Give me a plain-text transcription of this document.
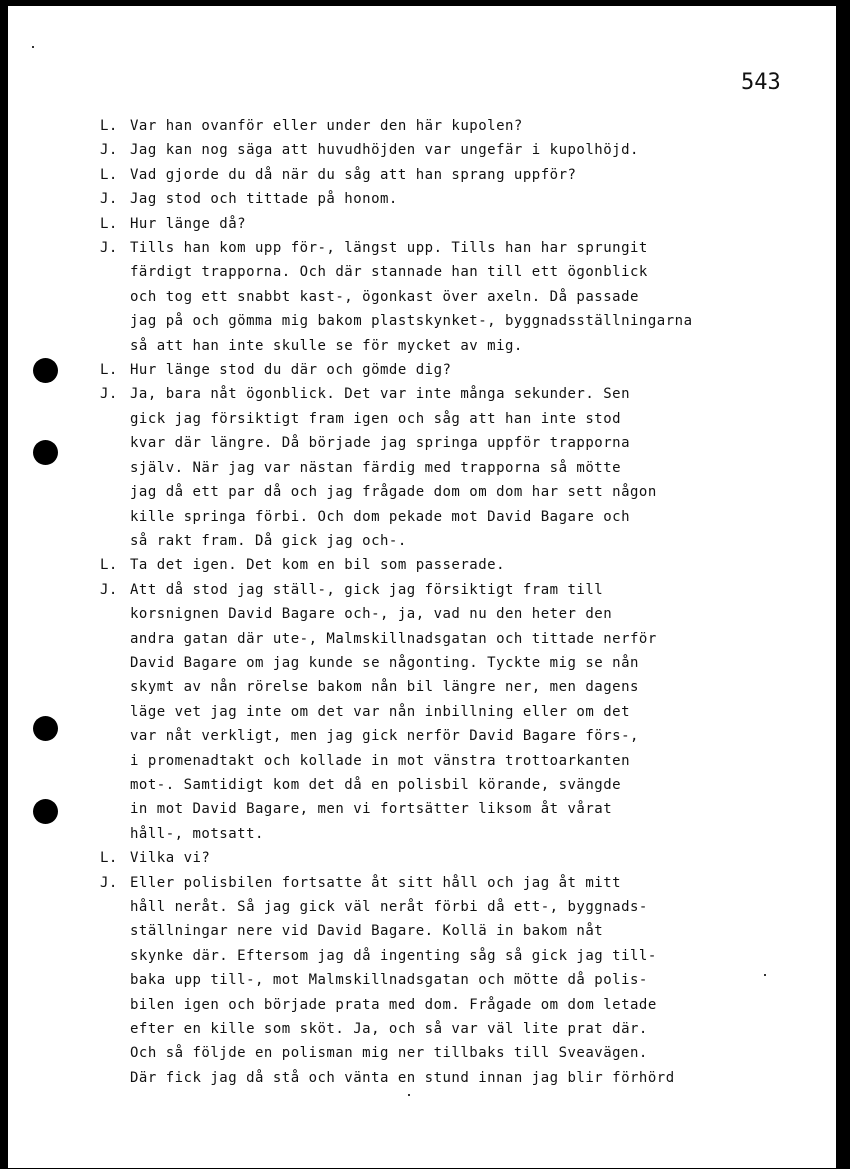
543
L. Var han ovanför eller under den här kupolen?
J. Jag kan nog säga att huvudhöjden var ungefär i kupolhöjd.
L. Vad gjorde du då när du såg att han sprang uppför?
J. Jag stod och tittade på honom.
L. Hur länge då?
J. Tills han kom upp för-, längst upp. Tills han har sprungit
färdigt trapporna. Och där stannade han till ett ögonblick
och tog ett snabbt kast-, ögonkast över axeln. Då passade
jag på och gömma mig bakom plastskynket-, byggnadsställningarna
så att han inte skulle se för mycket av mig.
L. Hur länge stod du där och gömde dig?
J. Ja, bara nåt ögonblick. Det var inte många sekunder. Sen
gick jag försiktigt fram igen och såg att han inte stod
kvar där längre. Då började jag springa uppför trapporna
själv. När jag var nästan färdig med trapporna så mötte
jag då ett par då och jag frågade dom om dom har sett någon
kille springa förbi. Och dom pekade mot David Bagare och
så rakt fram. Då gick jag och-.
L. Ta det igen. Det kom en bil som passerade.
J. Att då stod jag ställ-, gick jag försiktigt fram till
korsnignen David Bagare och-, ja, vad nu den heter den
andra gatan där ute-, Malmskillnadsgatan och tittade nerför
David Bagare om jag kunde se någonting. Tyckte mig se nån
skymt av nån rörelse bakom nån bil längre ner, men dagens
läge vet jag inte om det var nån inbillning eller om det
var nåt verkligt, men jag gick nerför David Bagare förs-,
i promenadtakt och kollade in mot vänstra trottoarkanten
mot-. Samtidigt kom det då en polisbil körande, svängde
in mot David Bagare, men vi fortsätter liksom åt vårat
håll-, motsatt.
L. Vilka vi?
J. Eller polisbilen fortsatte åt sitt håll och jag åt mitt
håll neråt. Så jag gick väl neråt förbi då ett-, byggnads-
ställningar nere vid David Bagare. Kollä in bakom nåt
skynke där. Eftersom jag då ingenting såg så gick jag till-
baka upp till-, mot Malmskillnadsgatan och mötte då polis-
bilen igen och började prata med dom. Frågade om dom letade
efter en kille som sköt. Ja, och så var väl lite prat där.
Och så följde en polisman mig ner tillbaks till Sveavägen.
Där fick jag då stå och vänta en stund innan jag blir förhörd
